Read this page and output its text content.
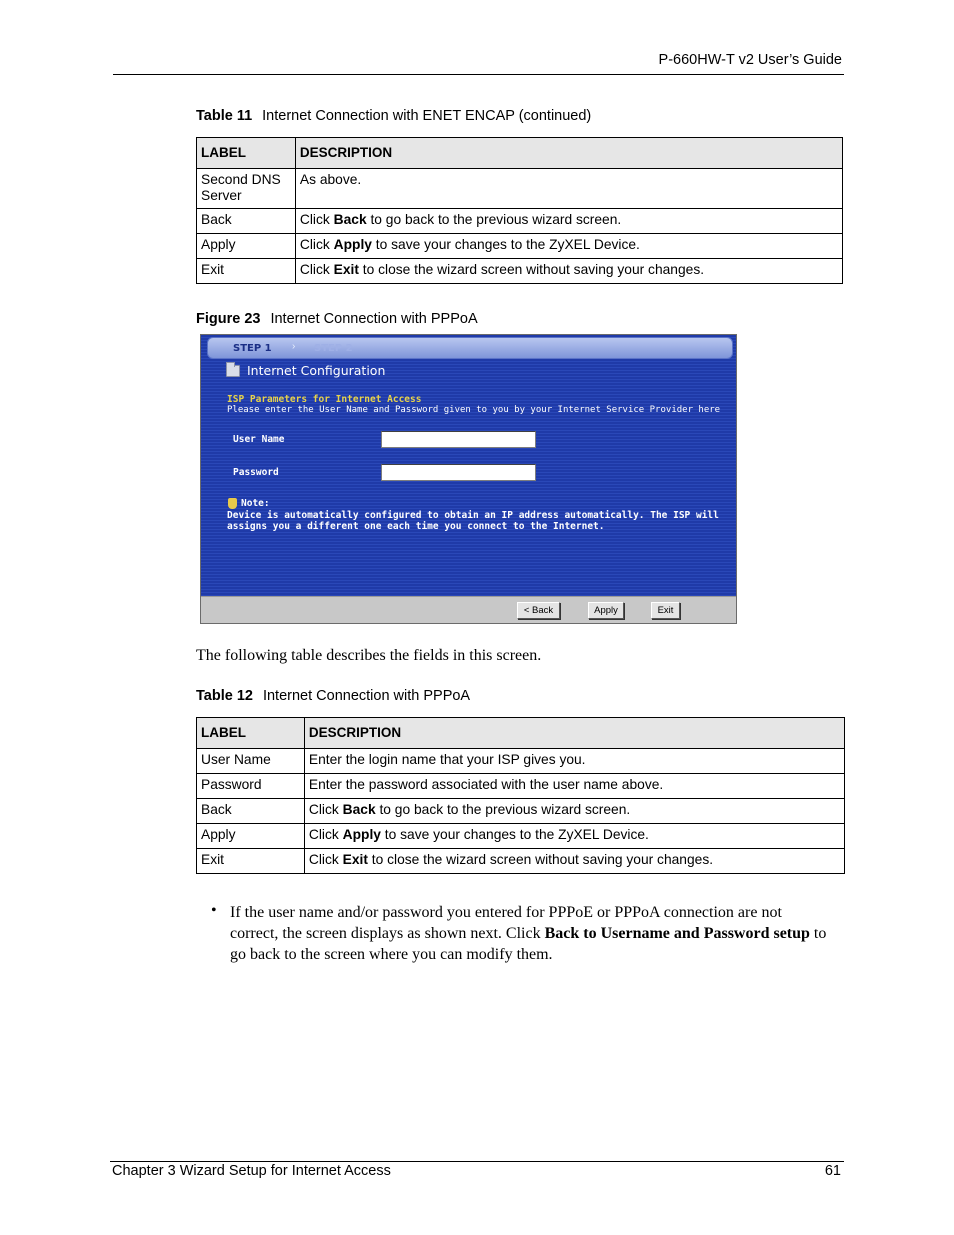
P-660HW-T v2 User’s Guide
Table 11 Internet Connection with ENET ENCAP (continued)
LABEL	DESCRIPTION
Second DNS Server	As above.
Back	Click Back to go back to the previous wizard screen.
Apply	Click Apply to save your changes to the ZyXEL Device.
Exit	Click Exit to close the wizard screen without saving your changes.
Figure 23 Internet Connection with PPPoA
STEP 1 › STEP 2
Internet Configuration
ISP Parameters for Internet Access
Please enter the User Name and Password given to you by your Internet Service Provider here
User Name
Password
Note:
Device is automatically configured to obtain an IP address automatically. The ISP will
assigns you a different one each time you connect to the Internet.
< Back	Apply	Exit
The following table describes the fields in this screen.
Table 12 Internet Connection with PPPoA
LABEL	DESCRIPTION
User Name	Enter the login name that your ISP gives you.
Password	Enter the password associated with the user name above.
Back	Click Back to go back to the previous wizard screen.
Apply	Click Apply to save your changes to the ZyXEL Device.
Exit	Click Exit to close the wizard screen without saving your changes.
• If the user name and/or password you entered for PPPoE or PPPoA connection are not correct, the screen displays as shown next. Click Back to Username and Password setup to go back to the screen where you can modify them.
Chapter 3 Wizard Setup for Internet Access	61
